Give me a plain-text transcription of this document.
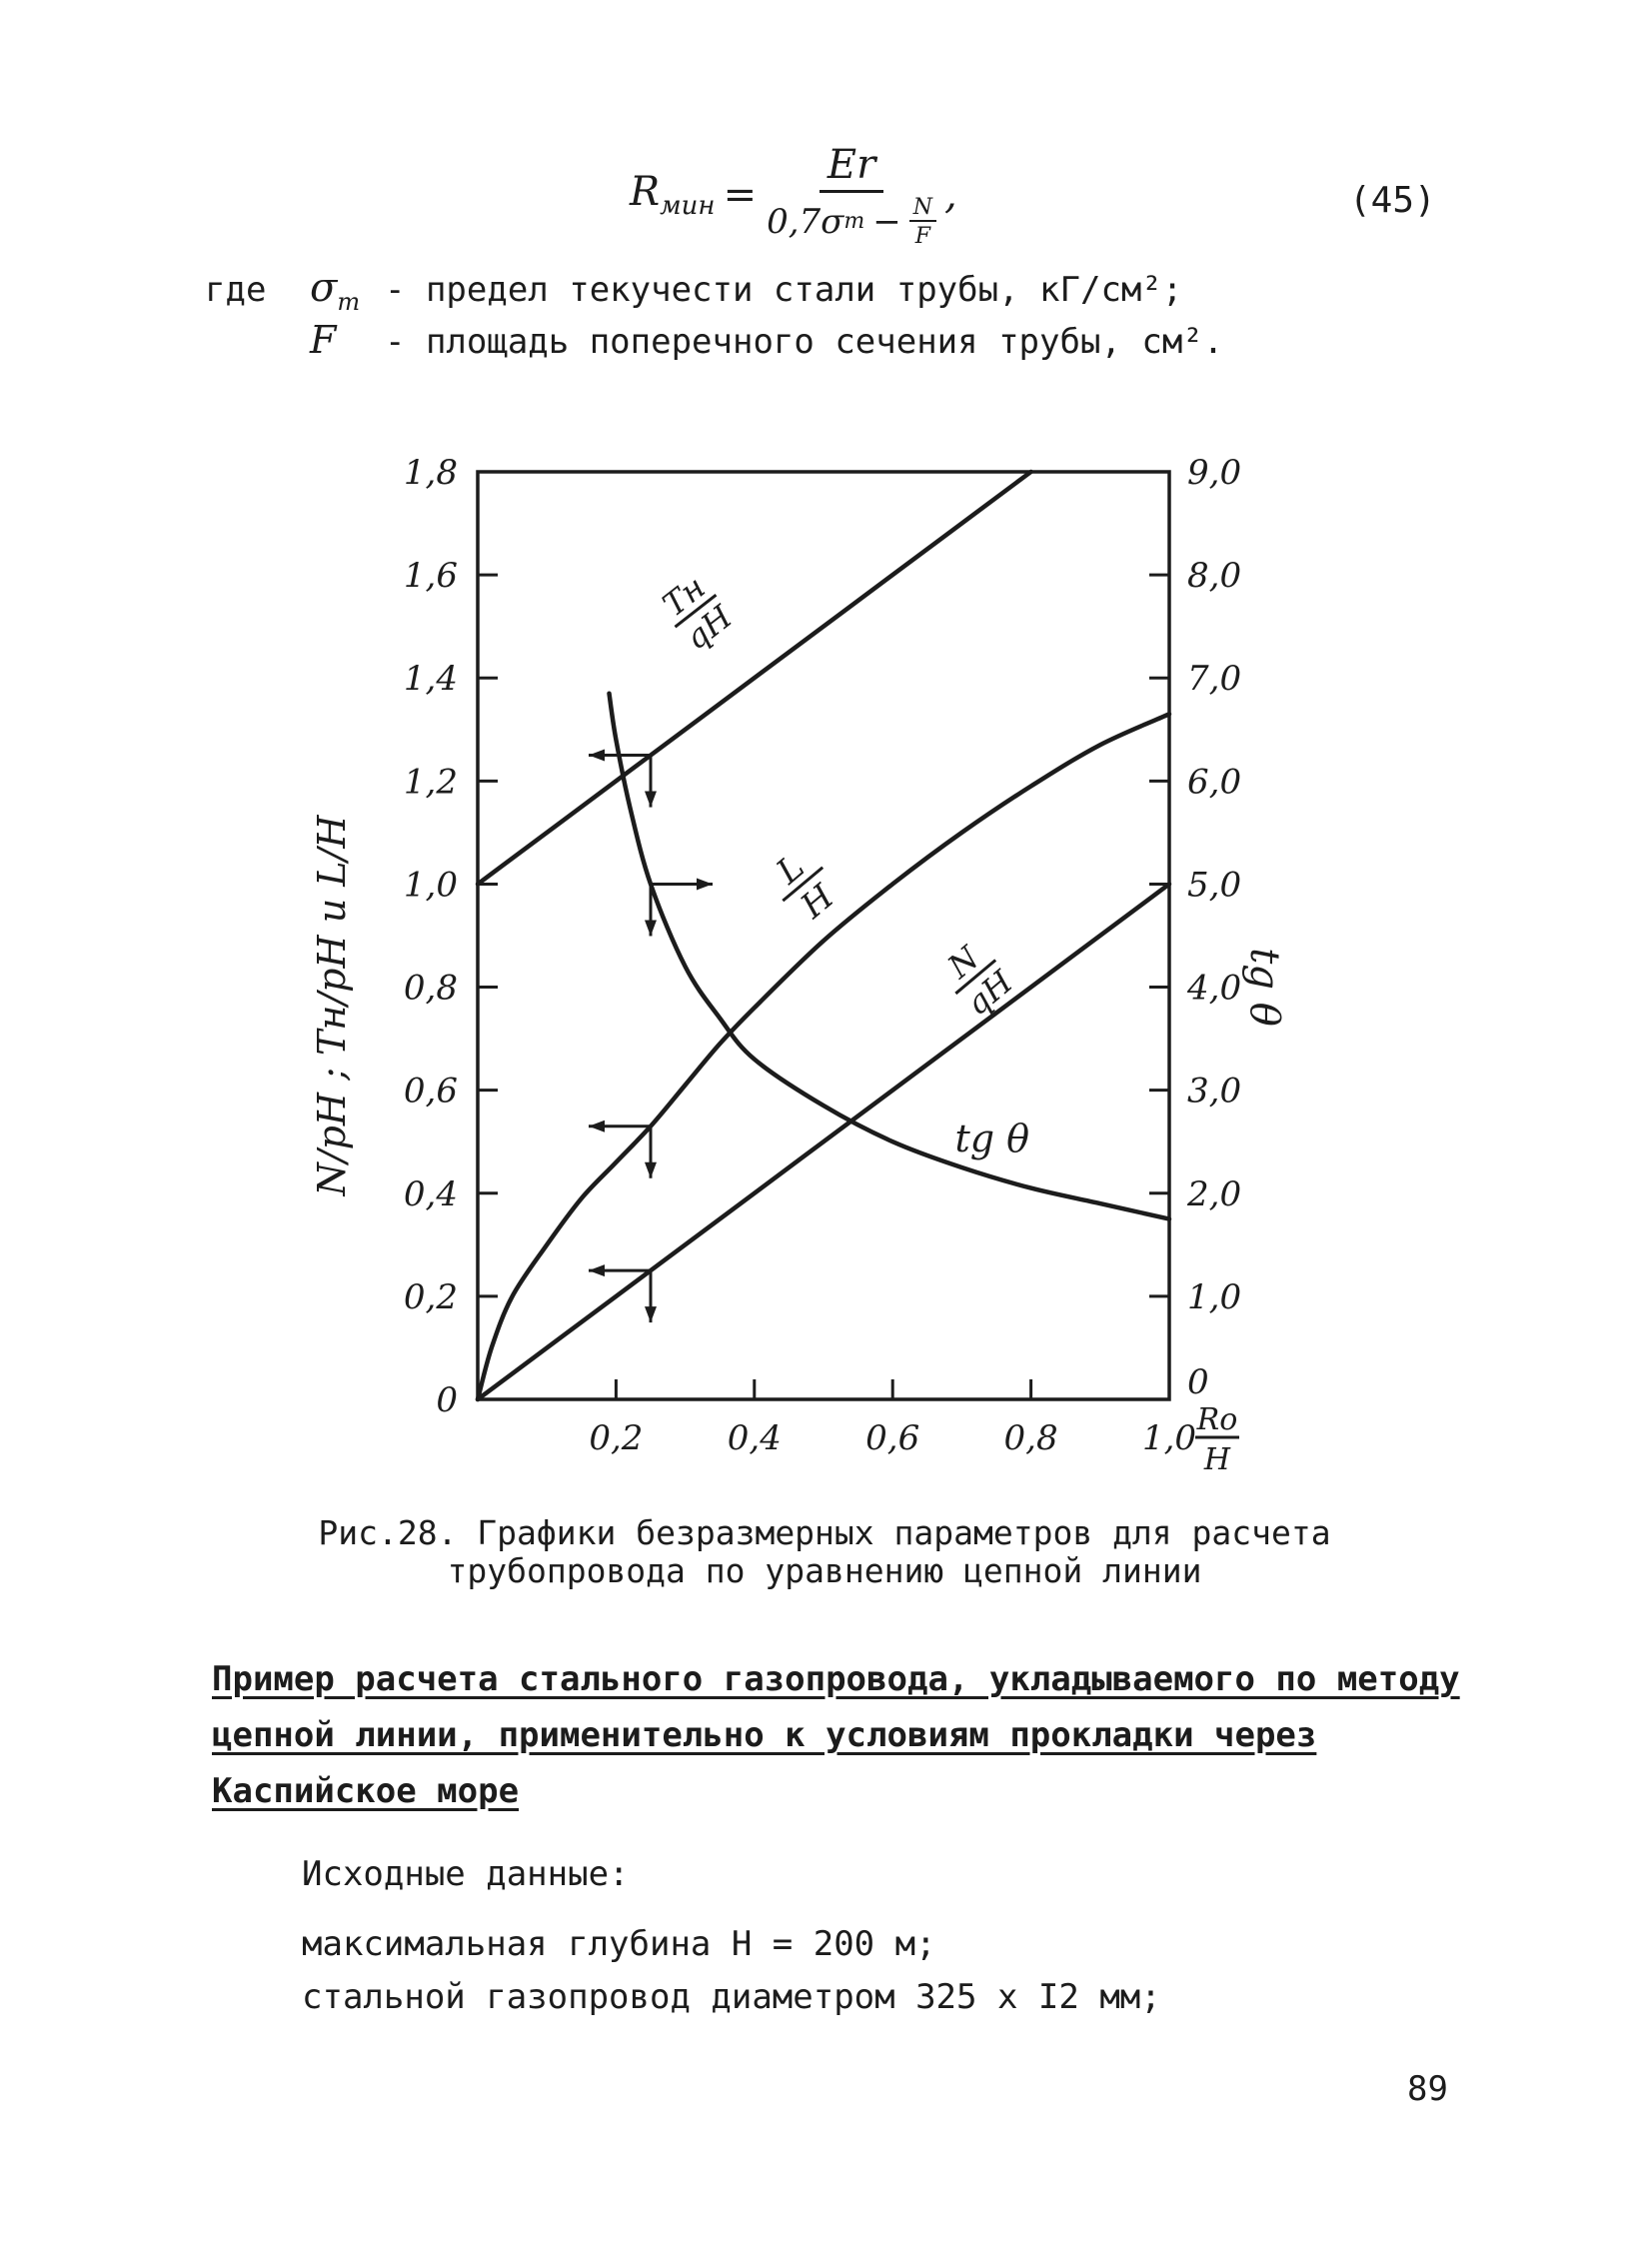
$R_{мин} = \frac{Er}{0,7 \sigma т - \frac{N}{F}}$ ,	(45)
где	$\sigma_т$ - предел текучести стали трубы, кГ/см²;
F	- площадь поперечного сечения трубы, см².
0
0,2
0,4
0,6
0,8
1,0
1,2
1,4
1,6
1,8
0
1,0
2,0
3,0
4,0
5,0
6,0
7,0
8,0
9,0
0,2 0,4 0,6 0,8 1,0
Tн
qH
L
H
N
qH
tg θ
N/pH ; Tн/pH и L/H	tg θ
Ro
H
Рис.28. Графики безразмерных параметров для расчета
трубопровода по уравнению цепной линии
Пример расчета стального газопровода, укладываемого по методу
цепной линии, применительно к условиям прокладки через
Каспийское море
Исходные данные:
максимальная глубина H = 200 м;
стальной газопровод диаметром 325 x I2 мм;
89
